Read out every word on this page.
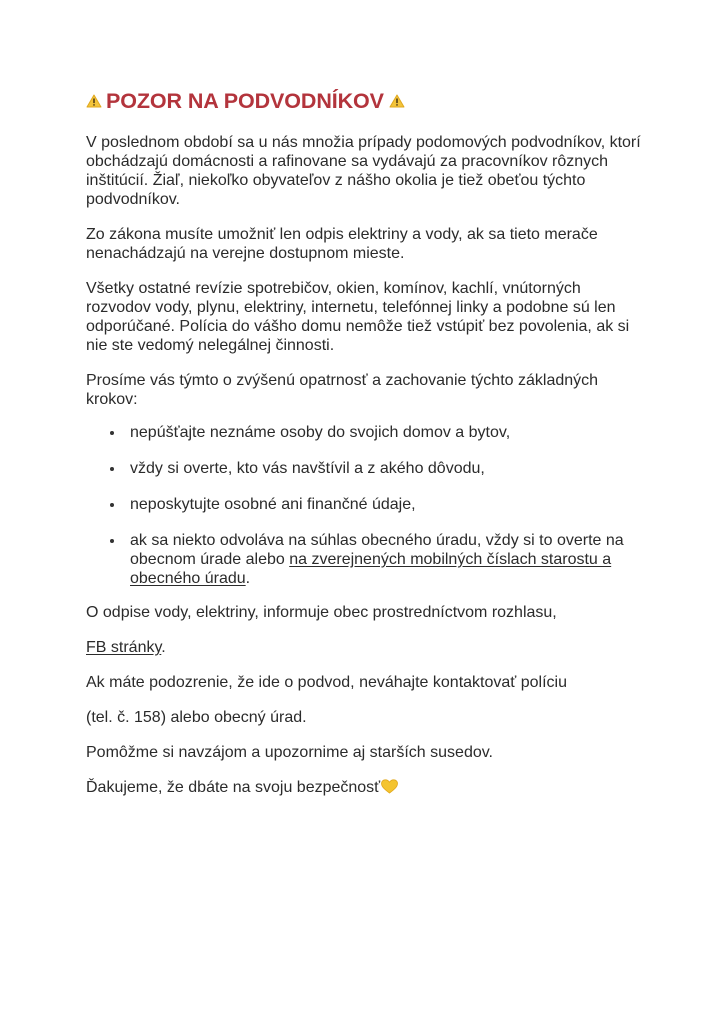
POZOR NA PODVODNÍKOV

V poslednom období sa u nás množia prípady podomových podvodníkov, ktorí obchádzajú domácnosti a rafinovane sa vydávajú za pracovníkov rôznych inštitúcií. Žiaľ, niekoľko obyvateľov z nášho okolia je tiež obeťou týchto podvodníkov.

Zo zákona musíte umožniť len odpis elektriny a vody, ak sa tieto merače nenachádzajú na verejne dostupnom mieste.

Všetky ostatné revízie spotrebičov, okien, komínov, kachlí, vnútorných rozvodov vody, plynu, elektriny, internetu, telefónnej linky a podobne sú len odporúčané. Polícia do vášho domu nemôže tiež vstúpiť bez povolenia, ak si nie ste vedomý nelegálnej činnosti.

Prosíme vás týmto o zvýšenú opatrnosť a zachovanie týchto základných krokov:

nepúšťajte neznáme osoby do svojich domov a bytov,
vždy si overte, kto vás navštívil a z akého dôvodu,
neposkytujte osobné ani finančné údaje,
ak sa niekto odvoláva na súhlas obecného úradu, vždy si to overte na obecnom úrade alebo na zverejnených mobilných číslach starostu a obecného úradu.

O odpise vody, elektriny, informuje obec prostredníctvom rozhlasu,

FB stránky.

Ak máte podozrenie, že ide o podvod, neváhajte kontaktovať políciu

(tel. č. 158) alebo obecný úrad.

Pomôžme si navzájom a upozornime aj starších susedov.

Ďakujeme, že dbáte na svoju bezpečnosť
